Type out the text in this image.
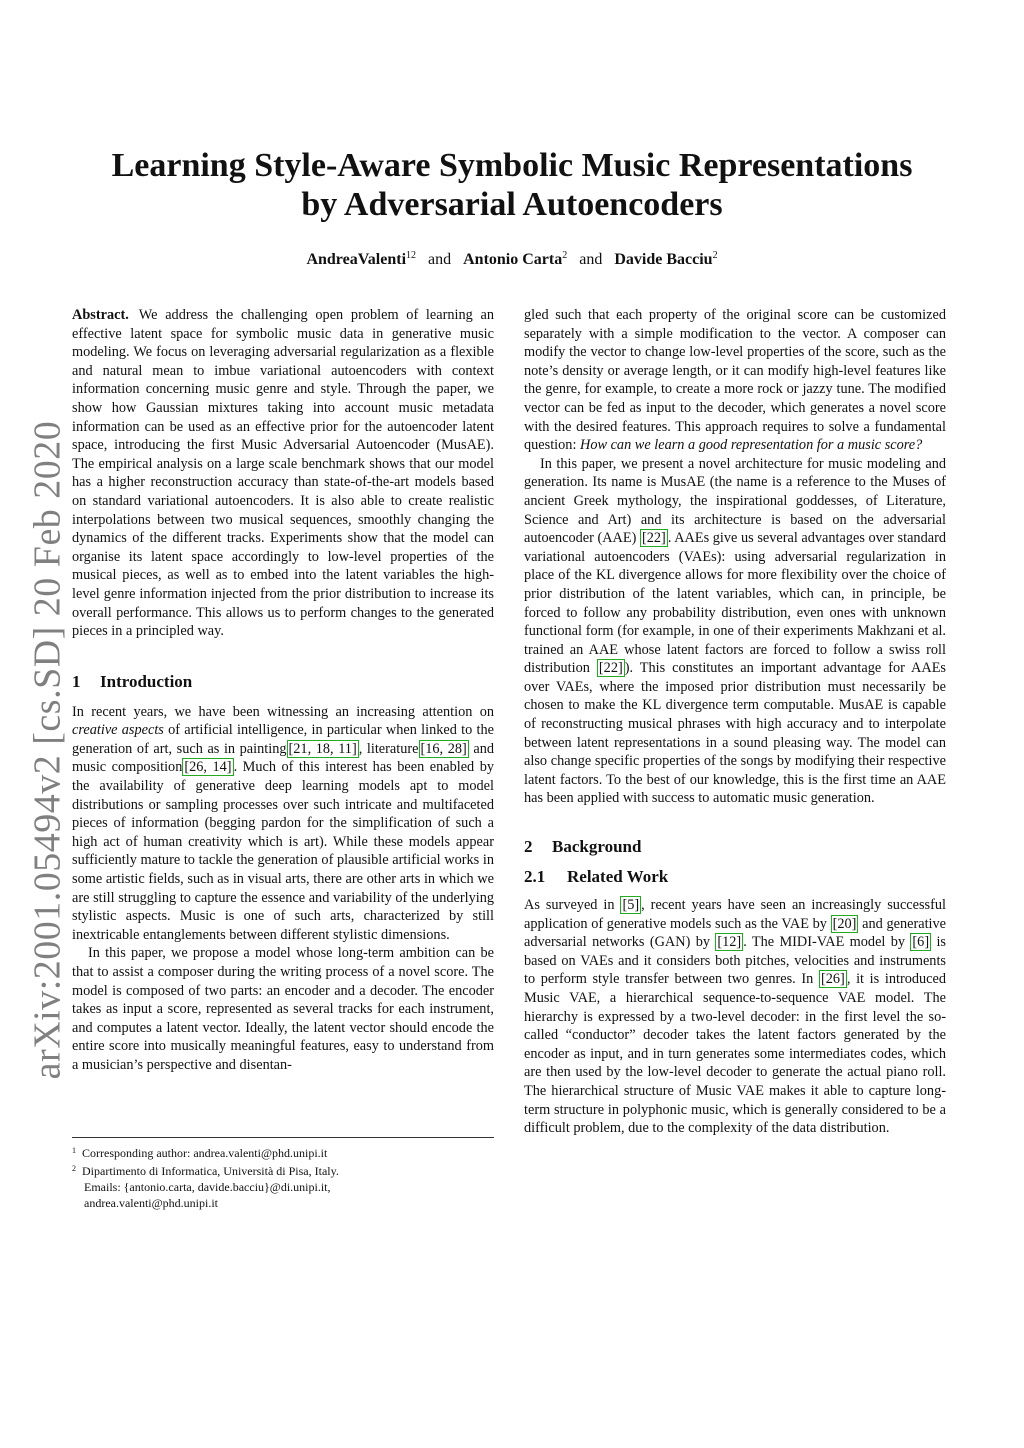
arXiv:2001.05494v2 [cs.SD] 20 Feb 2020
Learning Style-Aware Symbolic Music Representations
by Adversarial Autoencoders
AndreaValenti$^{12}$ and Antonio Carta$^2$ and Davide Bacciu$^2$

Abstract. We address the challenging open problem of learning an effective latent space for symbolic music data in generative music modeling. We focus on leveraging adversarial regularization as a flexible and natural mean to imbue variational autoencoders with context information concerning music genre and style. Through the paper, we show how Gaussian mixtures taking into account music metadata information can be used as an effective prior for the autoencoder latent space, introducing the first Music Adversarial Autoencoder (MusAE). The empirical analysis on a large scale benchmark shows that our model has a higher reconstruction accuracy than state-of-the-art models based on standard variational autoencoders. It is also able to create realistic interpolations between two musical sequences, smoothly changing the dynamics of the different tracks. Experiments show that the model can organise its latent space accordingly to low-level properties of the musical pieces, as well as to embed into the latent variables the high-level genre information injected from the prior distribution to increase its overall performance. This allows us to perform changes to the generated pieces in a principled way.

1 Introduction

In recent years, we have been witnessing an increasing attention on creative aspects of artificial intelligence, in particular when linked to the generation of art, such as in painting [21, 18, 11] , literature [16, 28] and music composition [26, 14] . Much of this interest has been enabled by the availability of generative deep learning models apt to model distributions or sampling processes over such intricate and multifaceted pieces of information (begging pardon for the simplification of such a high act of human creativity which is art). While these models appear sufficiently mature to tackle the generation of plausible artificial works in some artistic fields, such as in visual arts, there are other arts in which we are still struggling to capture the essence and variability of the underlying stylistic aspects. Music is one of such arts, characterized by still inextricable entanglements between different stylistic dimensions.

In this paper, we propose a model whose long-term ambition can be that to assist a composer during the writing process of a novel score. The model is composed of two parts: an encoder and a decoder. The encoder takes as input a score, represented as several tracks for each instrument, and computes a latent vector. Ideally, the latent vector should encode the entire score into musically meaningful features, easy to understand from a musician’s perspective and disentan-

$^1$ Corresponding author: andrea.valenti@phd.unipi.it
$^2$ Dipartimento di Informatica, Università di Pisa, Italy.
Emails: {antonio.carta, davide.bacciu}@di.unipi.it,
andrea.valenti@phd.unipi.it

gled such that each property of the original score can be customized separately with a simple modification to the vector. A composer can modify the vector to change low-level properties of the score, such as the note’s density or average length, or it can modify high-level features like the genre, for example, to create a more rock or jazzy tune. The modified vector can be fed as input to the decoder, which generates a novel score with the desired features. This approach requires to solve a fundamental question: How can we learn a good representation for a music score?

In this paper, we present a novel architecture for music modeling and generation. Its name is MusAE (the name is a reference to the Muses of ancient Greek mythology, the inspirational goddesses, of Literature, Science and Art) and its architecture is based on the adversarial autoencoder (AAE) [22] . AAEs give us several advantages over standard variational autoencoders (VAEs): using adversarial regularization in place of the KL divergence allows for more flexibility over the choice of prior distribution of the latent variables, which can, in principle, be forced to follow any probability distribution, even ones with unknown functional form (for example, in one of their experiments Makhzani et al. trained an AAE whose latent factors are forced to follow a swiss roll distribution [22] ). This constitutes an important advantage for AAEs over VAEs, where the imposed prior distribution must necessarily be chosen to make the KL divergence term computable. MusAE is capable of reconstructing musical phrases with high accuracy and to interpolate between latent representations in a sound pleasing way. The model can also change specific properties of the songs by modifying their respective latent factors. To the best of our knowledge, this is the first time an AAE has been applied with success to automatic music generation.

2 Background
2.1 Related Work

As surveyed in [5] , recent years have seen an increasingly successful application of generative models such as the VAE by [20] and generative adversarial networks (GAN) by [12] . The MIDI-VAE model by [6] is based on VAEs and it considers both pitches, velocities and instruments to perform style transfer between two genres. In [26] , it is introduced Music VAE, a hierarchical sequence-to-sequence VAE model. The hierarchy is expressed by a two-level decoder: in the first level the so-called “conductor” decoder takes the latent factors generated by the encoder as input, and in turn generates some intermediates codes, which are then used by the low-level decoder to generate the actual piano roll. The hierarchical structure of Music VAE makes it able to capture long-term structure in polyphonic music, which is generally considered to be a difficult problem, due to the complexity of the data distribution.
